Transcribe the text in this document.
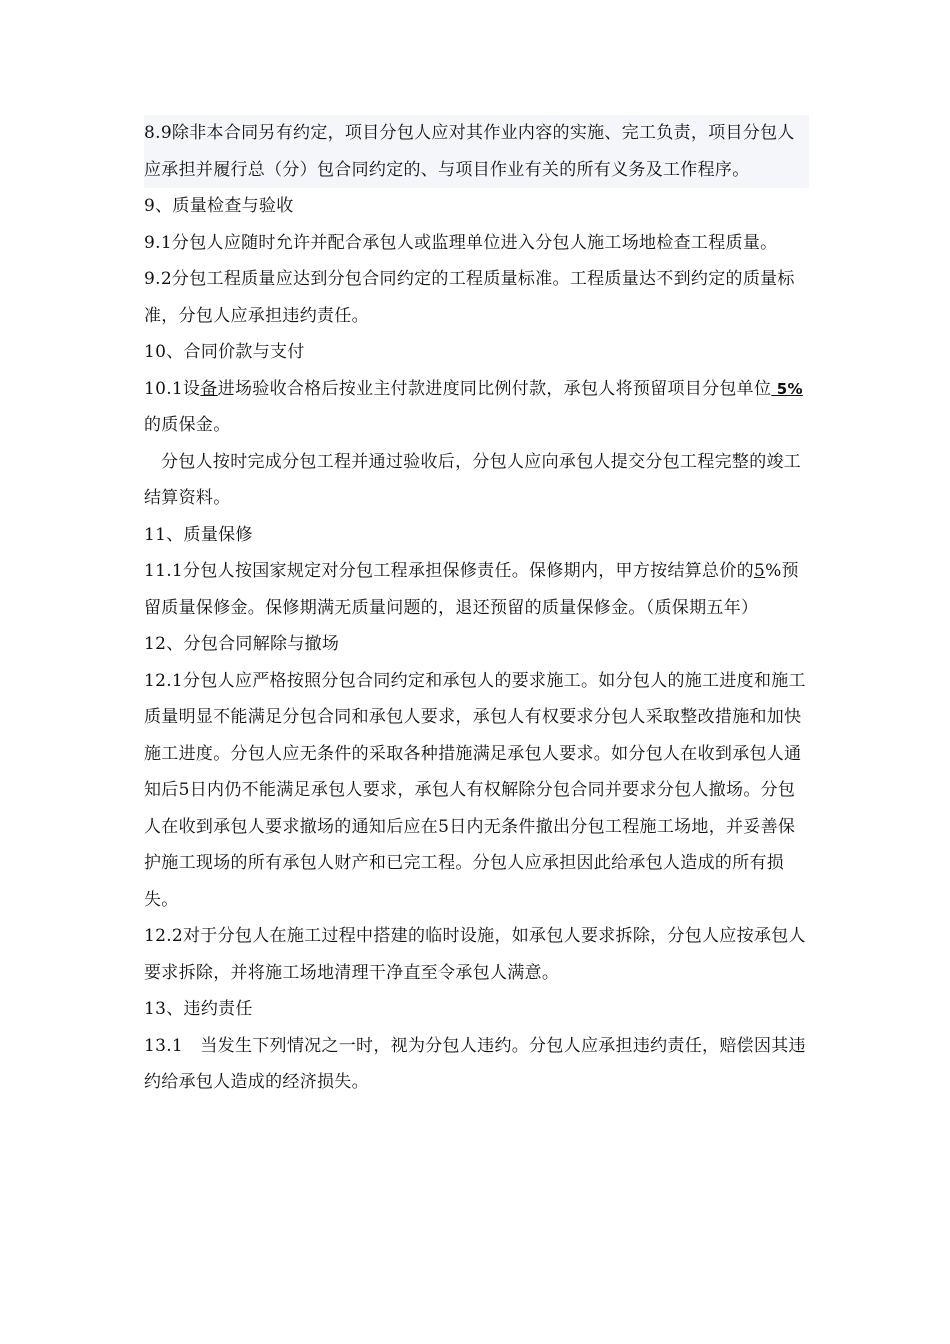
8.9除非本合同另有约定，项目分包人应对其作业内容的实施、完工负责，项目分包人应承担并履行总（分）包合同约定的、与项目作业有关的所有义务及工作程序。

9、质量检查与验收

9.1分包人应随时允许并配合承包人或监理单位进入分包人施工场地检查工程质量。

9.2分包工程质量应达到分包合同约定的工程质量标准。工程质量达不到约定的质量标准，分包人应承担违约责任。

10、合同价款与支付

10.1设备进场验收合格后按业主付款进度同比例付款，承包人将预留项目分包单位 5% 的质保金。

分包人按时完成分包工程并通过验收后，分包人应向承包人提交分包工程完整的竣工结算资料。

11、质量保修

11.1分包人按国家规定对分包工程承担保修责任。保修期内，甲方按结算总价的5%预留质量保修金。保修期满无质量问题的，退还预留的质量保修金。（质保期五年）

12、分包合同解除与撤场

12.1分包人应严格按照分包合同约定和承包人的要求施工。如分包人的施工进度和施工质量明显不能满足分包合同和承包人要求，承包人有权要求分包人采取整改措施和加快施工进度。分包人应无条件的采取各种措施满足承包人要求。如分包人在收到承包人通知后5日内仍不能满足承包人要求，承包人有权解除分包合同并要求分包人撤场。分包人在收到承包人要求撤场的通知后应在5日内无条件撤出分包工程施工场地，并妥善保护施工现场的所有承包人财产和已完工程。分包人应承担因此给承包人造成的所有损失。

12.2对于分包人在施工过程中搭建的临时设施，如承包人要求拆除，分包人应按承包人要求拆除，并将施工场地清理干净直至令承包人满意。

13、违约责任

13.1　当发生下列情况之一时，视为分包人违约。分包人应承担违约责任，赔偿因其违约给承包人造成的经济损失。
